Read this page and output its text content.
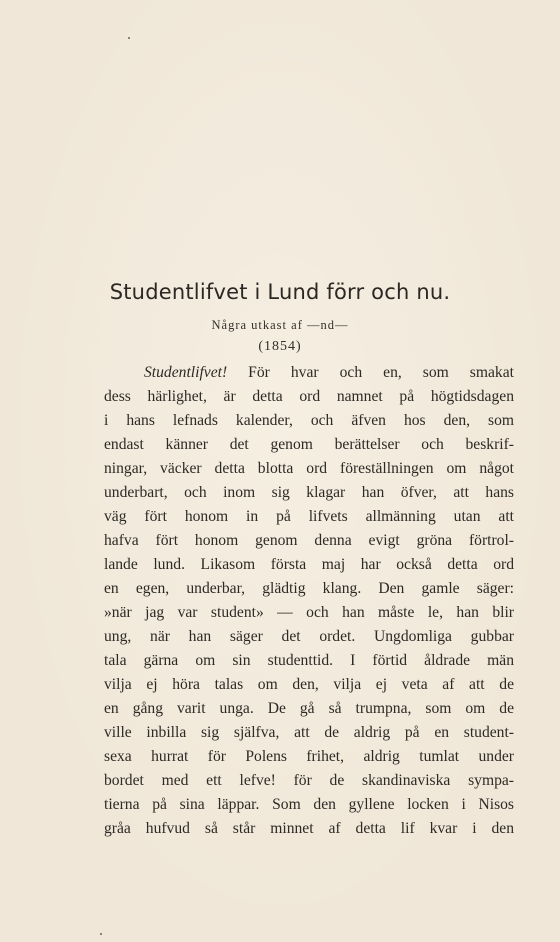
Studentlifvet i Lund förr och nu.
Några utkast af —nd—
(1854)
Studentlifvet! För hvar och en, som smakat
dess härlighet, är detta ord namnet på högtidsdagen
i hans lefnads kalender, och äfven hos den, som
endast känner det genom berättelser och beskrif-
ningar, väcker detta blotta ord föreställningen om något
underbart, och inom sig klagar han öfver, att hans
väg fört honom in på lifvets allmänning utan att
hafva fört honom genom denna evigt gröna förtrol-
lande lund. Likasom första maj har också detta ord
en egen, underbar, glädtig klang. Den gamle säger:
»när jag var student» — och han måste le, han blir
ung, när han säger det ordet. Ungdomliga gubbar
tala gärna om sin studenttid. I förtid åldrade män
vilja ej höra talas om den, vilja ej veta af att de
en gång varit unga. De gå så trumpna, som om de
ville inbilla sig själfva, att de aldrig på en student-
sexa hurrat för Polens frihet, aldrig tumlat under
bordet med ett lefve! för de skandinaviska sympa-
tierna på sina läppar. Som den gyllene locken i Nisos
gråa hufvud så står minnet af detta lif kvar i den
